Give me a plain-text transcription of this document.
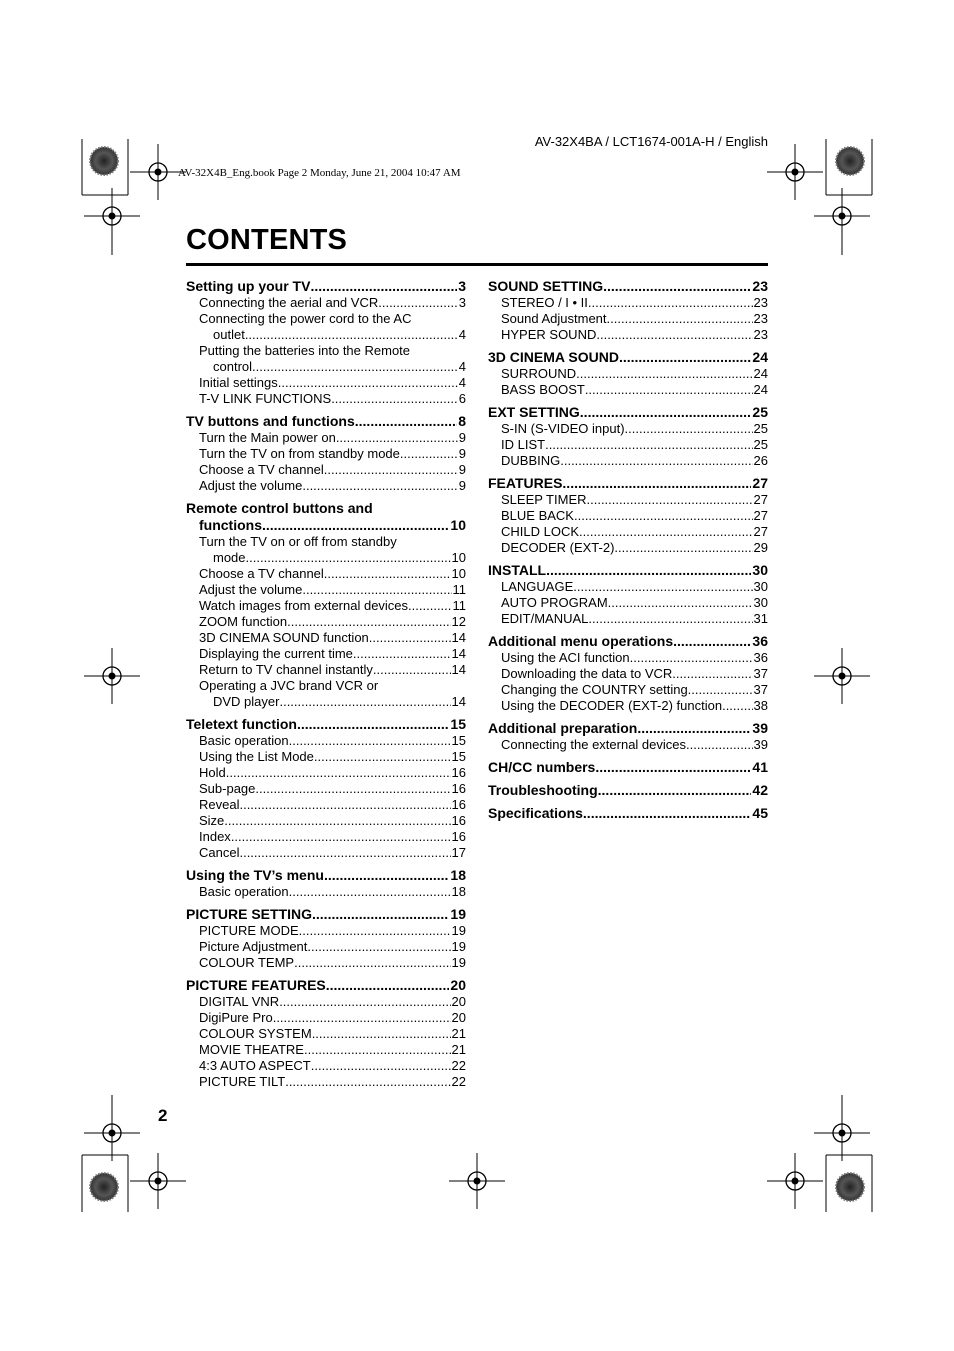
AV-32X4BA / LCT1674-001A-H / English
AV-32X4B_Eng.book Page 2 Monday, June 21, 2004 10:47 AM
CONTENTS
Setting up your TV .....	3
Connecting the aerial and VCR .....	3
Connecting the power cord to the AC
outlet .....	4
Putting the batteries into the Remote
control .....	4
Initial settings .....	4
T-V LINK FUNCTIONS .....	6
TV buttons and functions .....	8
Turn the Main power on .....	9
Turn the TV on from standby mode .....	9
Choose a TV channel .....	9
Adjust the volume .....	9
Remote control buttons and
functions .....	10
Turn the TV on or off from standby
mode .....	10
Choose a TV channel .....	10
Adjust the volume .....	11
Watch images from external devices .....	11
ZOOM function .....	12
3D CINEMA SOUND function .....	14
Displaying the current time .....	14
Return to TV channel instantly .....	14
Operating a JVC brand VCR or
DVD player .....	14
Teletext function .....	15
Basic operation .....	15
Using the List Mode .....	15
Hold .....	16
Sub-page .....	16
Reveal .....	16
Size .....	16
Index .....	16
Cancel .....	17
Using the TV’s menu .....	18
Basic operation .....	18
PICTURE SETTING .....	19
PICTURE MODE .....	19
Picture Adjustment .....	19
COLOUR TEMP .....	19
PICTURE FEATURES .....	20
DIGITAL VNR .....	20
DigiPure Pro .....	20
COLOUR SYSTEM .....	21
MOVIE THEATRE .....	21
4:3 AUTO ASPECT .....	22
PICTURE TILT .....	22
SOUND SETTING .....	23
STEREO / I • II .....	23
Sound Adjustment .....	23
HYPER SOUND .....	23
3D CINEMA SOUND .....	24
SURROUND .....	24
BASS BOOST .....	24
EXT SETTING .....	25
S-IN (S-VIDEO input) .....	25
ID LIST .....	25
DUBBING .....	26
FEATURES .....	27
SLEEP TIMER .....	27
BLUE BACK .....	27
CHILD LOCK .....	27
DECODER (EXT-2) .....	29
INSTALL .....	30
LANGUAGE .....	30
AUTO PROGRAM .....	30
EDIT/MANUAL .....	31
Additional menu operations .....	36
Using the ACI function .....	36
Downloading the data to VCR .....	37
Changing the COUNTRY setting .....	37
Using the DECODER (EXT-2) function ..... 38
Additional preparation .....	39
Connecting the external devices .....	39
CH/CC numbers .....	41
Troubleshooting .....	42
Specifications .....	45
2
